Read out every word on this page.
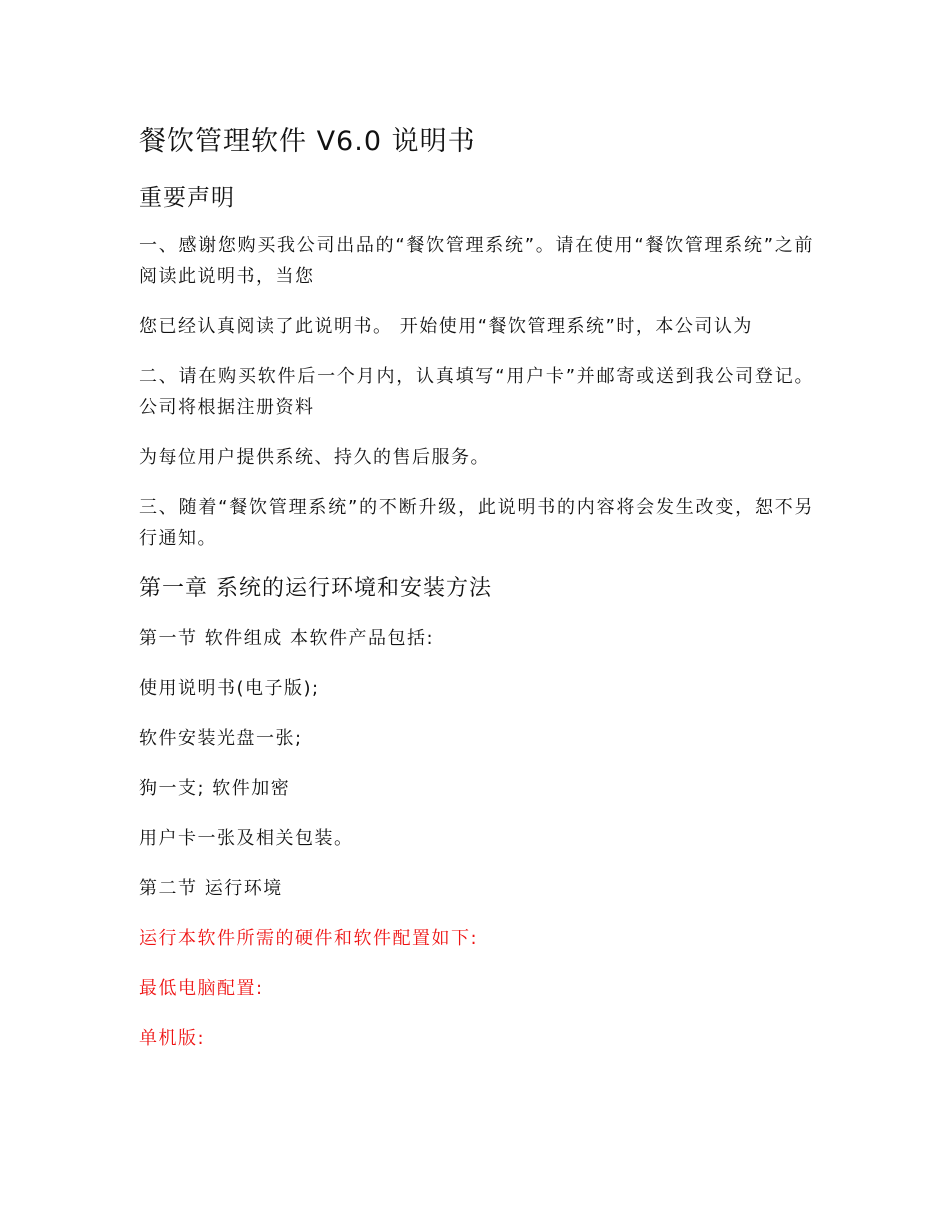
餐饮管理软件 V6.0 说明书
重要声明

一、感谢您购买我公司出品的“餐饮管理系统”。请在使用“餐饮管理系统”之前阅读此说明书，当您

您已经认真阅读了此说明书。 开始使用“餐饮管理系统”时，本公司认为

二、请在购买软件后一个月内，认真填写“用户卡”并邮寄或送到我公司登记。公司将根据注册资料

为每位用户提供系统、持久的售后服务。

三、随着“餐饮管理系统”的不断升级，此说明书的内容将会发生改变，恕不另行通知。

第一章 系统的运行环境和安装方法

第一节 软件组成 本软件产品包括:

使用说明书(电子版);

软件安装光盘一张;

狗一支; 软件加密

用户卡一张及相关包装。

第二节 运行环境

运行本软件所需的硬件和软件配置如下:

最低电脑配置:

单机版:
